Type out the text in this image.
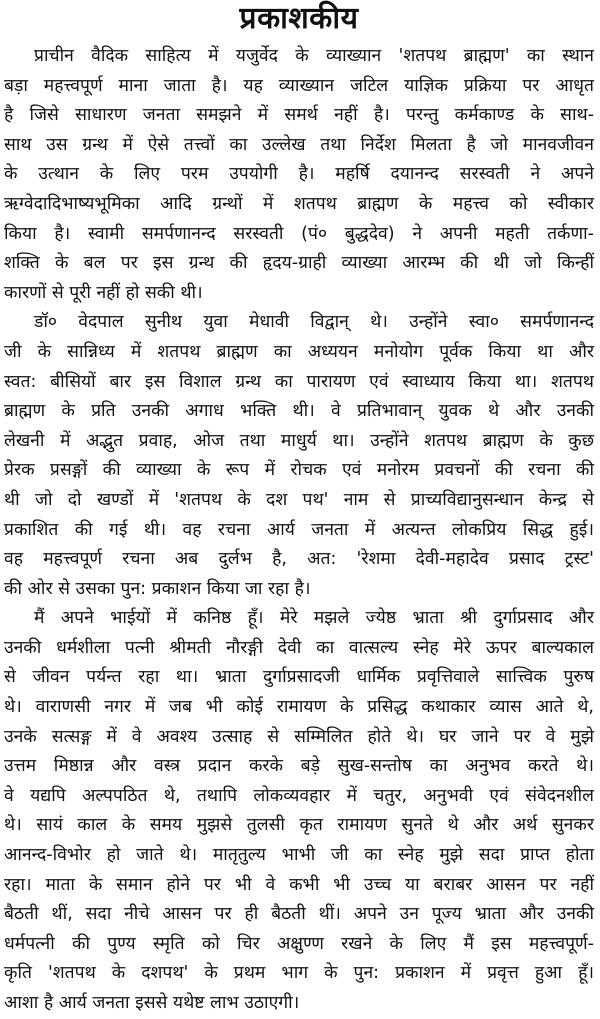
प्रकाशकीय
प्राचीन वैदिक साहित्य में यजुर्वेद के व्याख्यान 'शतपथ ब्राह्मण' का स्थान
बड़ा महत्त्वपूर्ण माना जाता है। यह व्याख्यान जटिल याज्ञिक प्रक्रिया पर आधृत
है जिसे साधारण जनता समझने में समर्थ नहीं है। परन्तु कर्मकाण्ड के साथ-
साथ उस ग्रन्थ में ऐसे तत्त्वों का उल्लेख तथा निर्देश मिलता है जो मानवजीवन
के उत्थान के लिए परम उपयोगी है। महर्षि दयानन्द सरस्वती ने अपने
ऋग्वेदादिभाष्यभूमिका आदि ग्रन्थों में शतपथ ब्राह्मण के महत्त्व को स्वीकार
किया है। स्वामी समर्पणानन्द सरस्वती (पं० बुद्धदेव) ने अपनी महती तर्कणा-
शक्ति के बल पर इस ग्रन्थ की हृदय-ग्राही व्याख्या आरम्भ की थी जो किन्हीं
कारणों से पूरी नहीं हो सकी थी।
डॉ० वेदपाल सुनीथ युवा मेधावी विद्वान् थे। उन्होंने स्वा० समर्पणानन्द
जी के सान्निध्य में शतपथ ब्राह्मण का अध्ययन मनोयोग पूर्वक किया था और
स्वत: बीसियों बार इस विशाल ग्रन्थ का पारायण एवं स्वाध्याय किया था। शतपथ
ब्राह्मण के प्रति उनकी अगाध भक्ति थी। वे प्रतिभावान् युवक थे और उनकी
लेखनी में अद्भुत प्रवाह, ओज तथा माधुर्य था। उन्होंने शतपथ ब्राह्मण के कुछ
प्रेरक प्रसङ्गों की व्याख्या के रूप में रोचक एवं मनोरम प्रवचनों की रचना की
थी जो दो खण्डों में 'शतपथ के दश पथ' नाम से प्राच्यविद्यानुसन्धान केन्द्र से
प्रकाशित की गई थी। वह रचना आर्य जनता में अत्यन्त लोकप्रिय सिद्ध हुई।
वह महत्त्वपूर्ण रचना अब दुर्लभ है, अत: 'रेशमा देवी-महादेव प्रसाद ट्रस्ट'
की ओर से उसका पुन: प्रकाशन किया जा रहा है।
मैं अपने भाईयों में कनिष्ठ हूँ। मेरे मझले ज्येष्ठ भ्राता श्री दुर्गाप्रसाद और
उनकी धर्मशीला पत्नी श्रीमती नौरङ्गी देवी का वात्सल्य स्नेह मेरे ऊपर बाल्यकाल
से जीवन पर्यन्त रहा था। भ्राता दुर्गाप्रसादजी धार्मिक प्रवृत्तिवाले सात्त्विक पुरुष
थे। वाराणसी नगर में जब भी कोई रामायण के प्रसिद्ध कथाकार व्यास आते थे,
उनके सत्सङ्ग में वे अवश्य उत्साह से सम्मिलित होते थे। घर जाने पर वे मुझे
उत्तम मिष्ठान्न और वस्त्र प्रदान करके बड़े सुख-सन्तोष का अनुभव करते थे।
वे यद्यपि अल्पपठित थे, तथापि लोकव्यवहार में चतुर, अनुभवी एवं संवेदनशील
थे। सायं काल के समय मुझसे तुलसी कृत रामायण सुनते थे और अर्थ सुनकर
आनन्द-विभोर हो जाते थे। मातृतुल्य भाभी जी का स्नेह मुझे सदा प्राप्त होता
रहा। माता के समान होने पर भी वे कभी भी उच्च या बराबर आसन पर नहीं
बैठती थीं, सदा नीचे आसन पर ही बैठती थीं। अपने उन पूज्य भ्राता और उनकी
धर्मपत्नी की पुण्य स्मृति को चिर अक्षुण्ण रखने के लिए मैं इस महत्त्वपूर्ण-
कृति 'शतपथ के दशपथ' के प्रथम भाग के पुन: प्रकाशन में प्रवृत्त हुआ हूँ।
आशा है आर्य जनता इससे यथेष्ट लाभ उठाएगी।
